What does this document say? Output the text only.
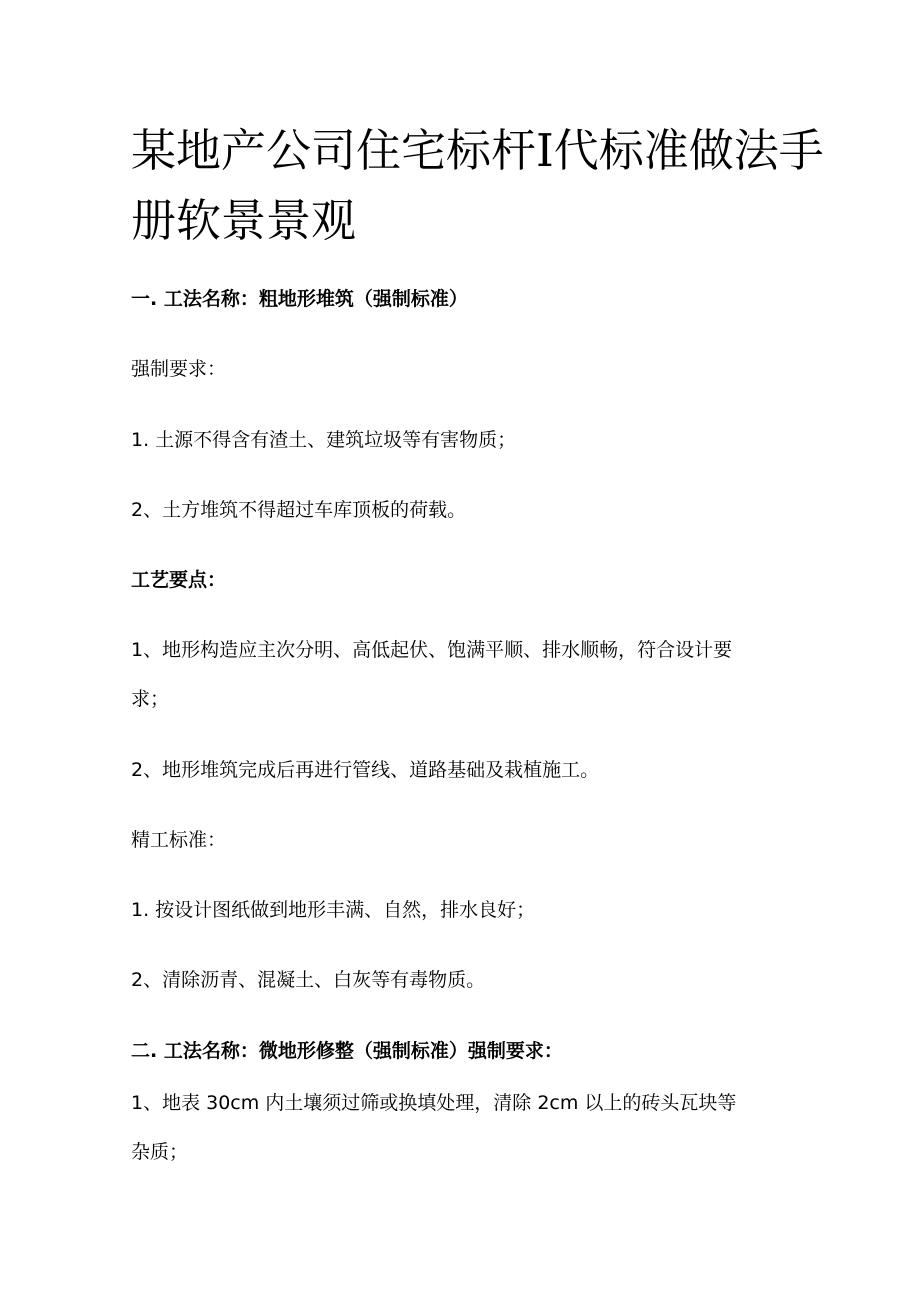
某地产公司住宅标杆Ⅰ代标准做法手
册软景景观

一. 工法名称：粗地形堆筑（强制标准）

强制要求：

1. 土源不得含有渣土、建筑垃圾等有害物质；

2、土方堆筑不得超过车库顶板的荷载。

工艺要点：

1、地形构造应主次分明、高低起伏、饱满平顺、排水顺畅，符合设计要

求；

2、地形堆筑完成后再进行管线、道路基础及栽植施工。

精工标准：

1. 按设计图纸做到地形丰满、自然，排水良好；

2、清除沥青、混凝土、白灰等有毒物质。

二. 工法名称：微地形修整（强制标准）强制要求：

1、地表 30cm 内土壤须过筛或换填处理，清除 2cm 以上的砖头瓦块等

杂质；
